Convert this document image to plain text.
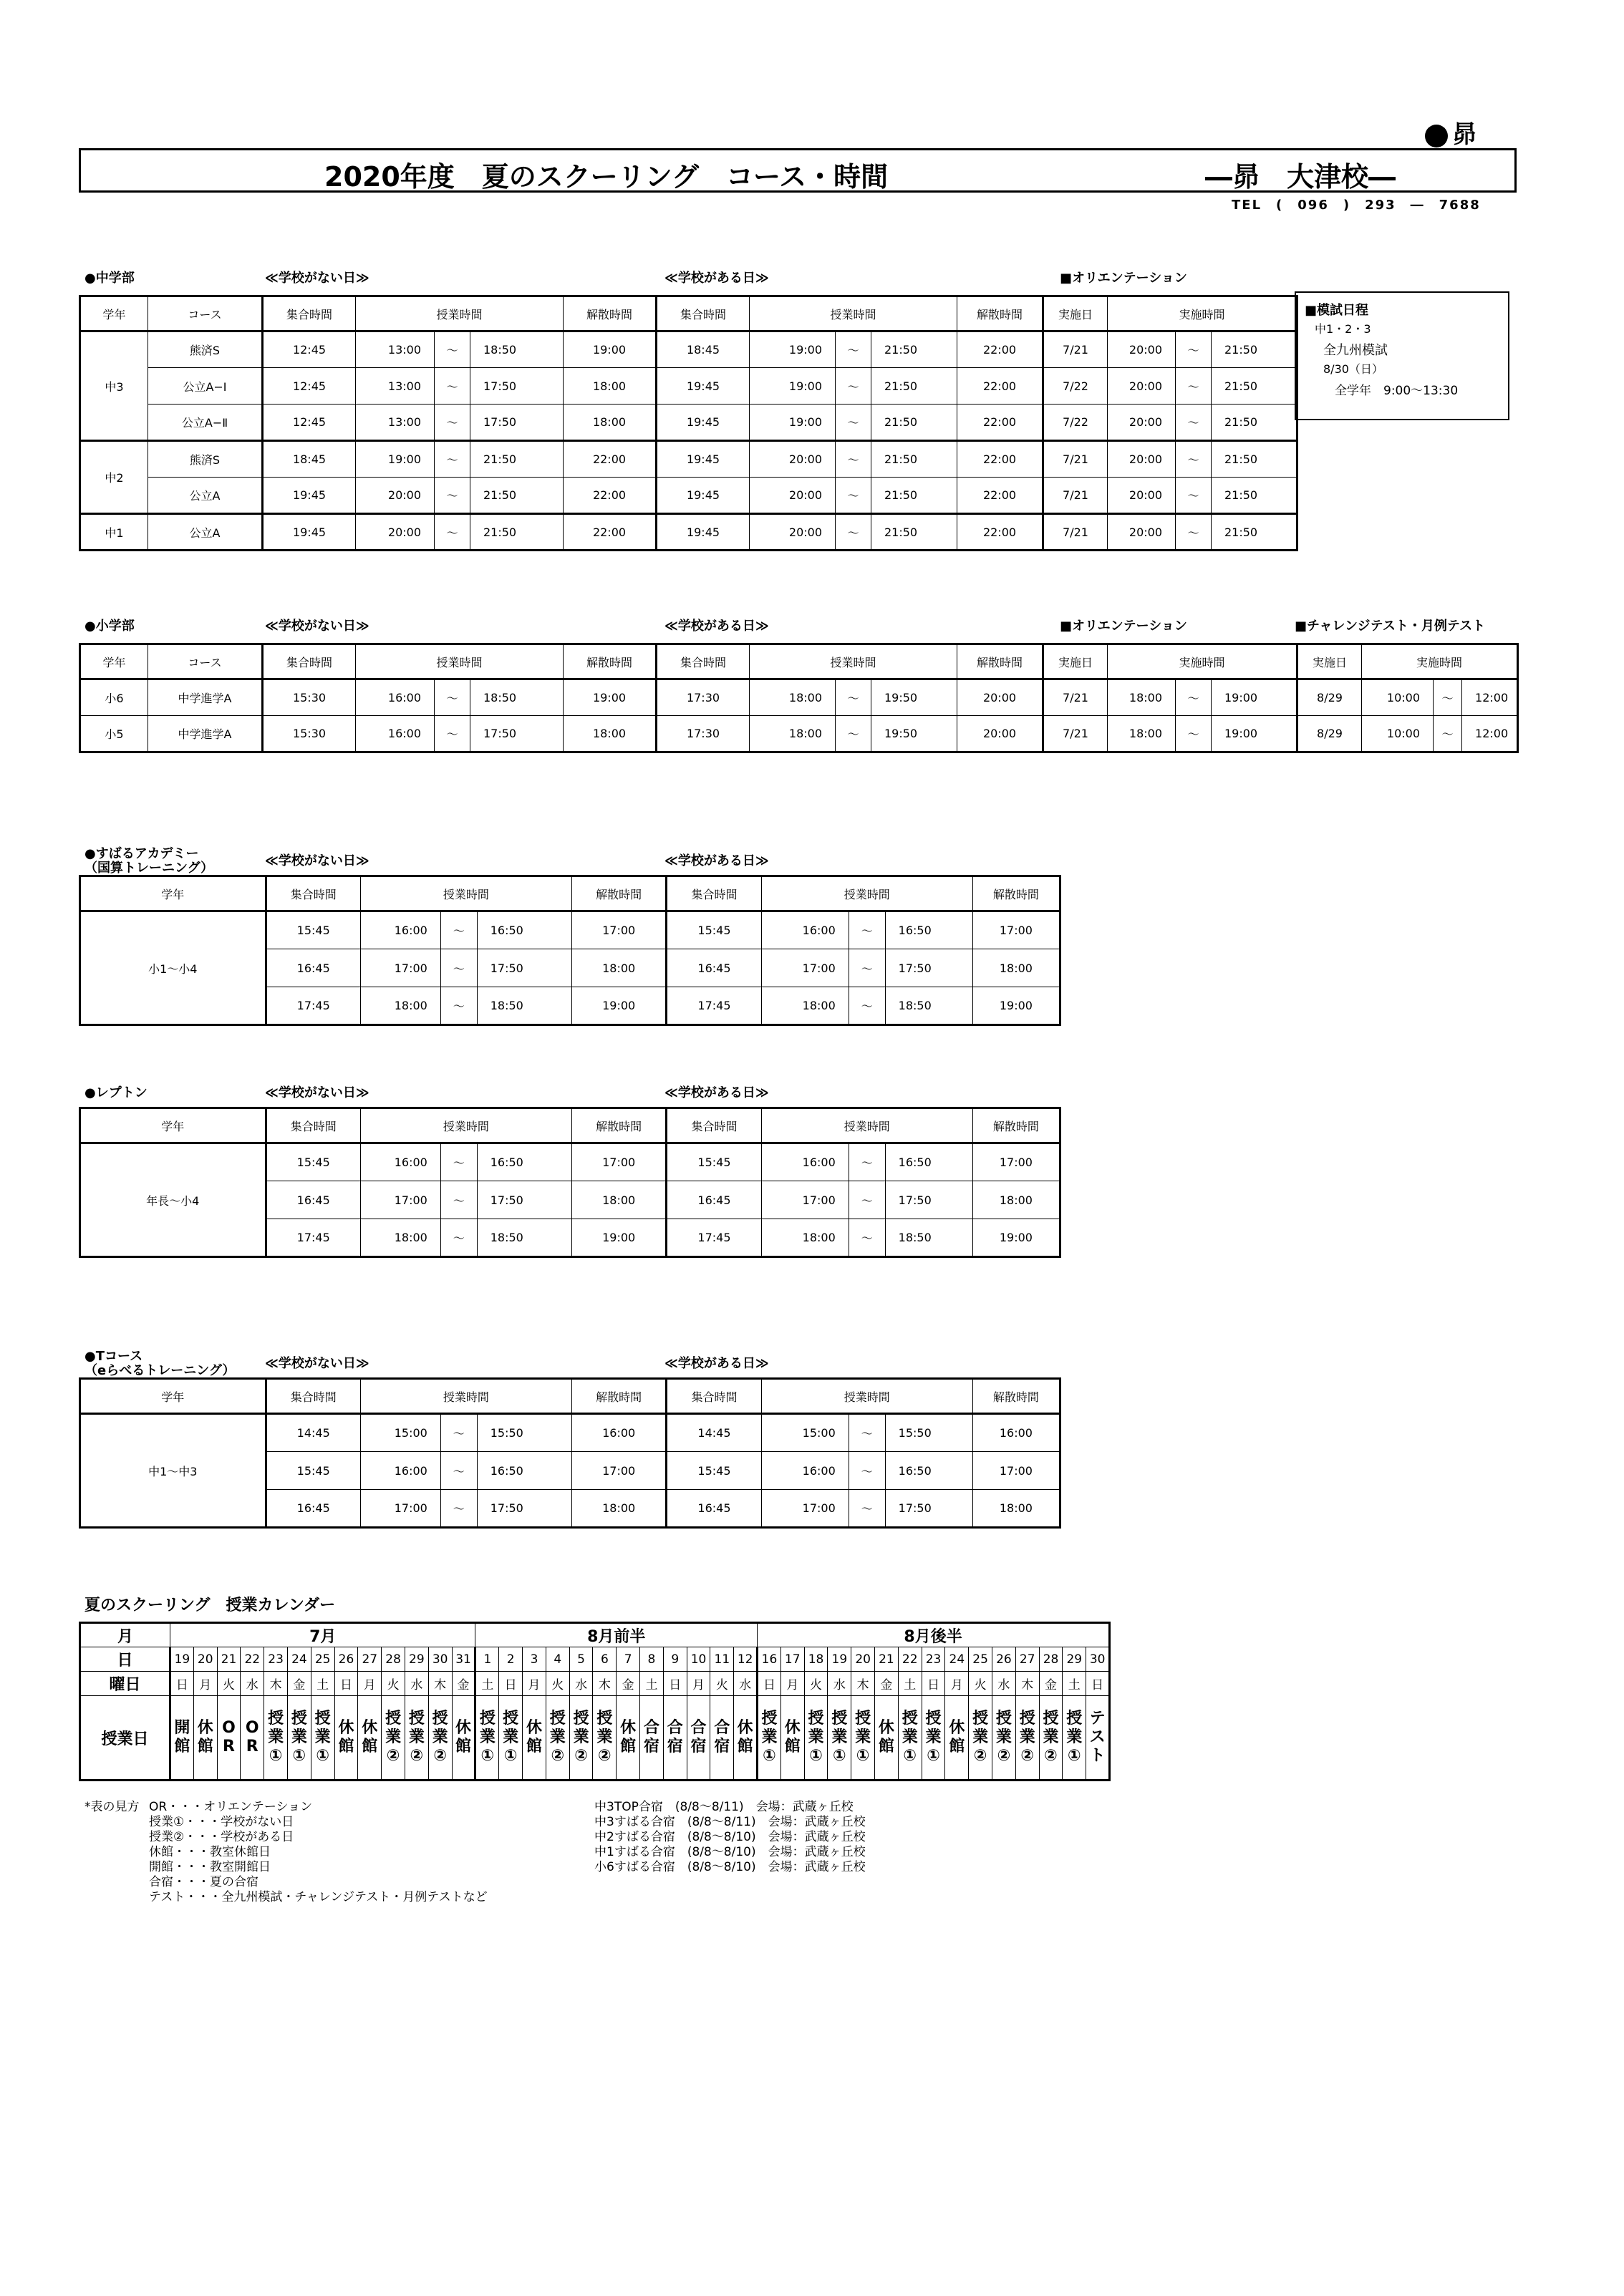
昴
2020年度　夏のスクーリング　コース・時間	―昴　大津校―
TEL　(　096　)　293　―　7688
●中学部	≪学校がない日≫	≪学校がある日≫	■オリエンテーション
学年	コース	集合時間	授業時間			解散時間	集合時間	授業時間			解散時間	実施日	実施時間		
中3	熊済S	12:45	13:00	～	18:50	19:00	18:45	19:00	～	21:50	22:00	7/21	20:00	～	21:50
	公立A−Ⅰ	12:45	13:00	～	17:50	18:00	19:45	19:00	～	21:50	22:00	7/22	20:00	～	21:50
	公立A−Ⅱ	12:45	13:00	～	17:50	18:00	19:45	19:00	～	21:50	22:00	7/22	20:00	～	21:50
中2	熊済S	18:45	19:00	～	21:50	22:00	19:45	20:00	～	21:50	22:00	7/21	20:00	～	21:50
	公立A	19:45	20:00	～	21:50	22:00	19:45	20:00	～	21:50	22:00	7/21	20:00	～	21:50
中1	公立A	19:45	20:00	～	21:50	22:00	19:45	20:00	～	21:50	22:00	7/21	20:00	～	21:50
■模試日程
中1・2・3
全九州模試
8/30（日）
全学年　9:00～13:30
●小学部	≪学校がない日≫	≪学校がある日≫	■オリエンテーション	■チャレンジテスト・月例テスト
学年	コース	集合時間	授業時間			解散時間	集合時間	授業時間			解散時間	実施日	実施時間			実施日	実施時間		
小6	中学進学A	15:30	16:00	～	18:50	19:00	17:30	18:00	～	19:50	20:00	7/21	18:00	～	19:00	8/29	10:00	～	12:00
小5	中学進学A	15:30	16:00	～	17:50	18:00	17:30	18:00	～	19:50	20:00	7/21	18:00	～	19:00	8/29	10:00	～	12:00
●すばるアカデミー
（国算トレーニング）	≪学校がない日≫	≪学校がある日≫
学年	集合時間	授業時間			解散時間	集合時間	授業時間			解散時間
小1～小4	15:45	16:00	～	16:50	17:00	15:45	16:00	～	16:50	17:00
	16:45	17:00	～	17:50	18:00	16:45	17:00	～	17:50	18:00
	17:45	18:00	～	18:50	19:00	17:45	18:00	～	18:50	19:00
●レプトン	≪学校がない日≫	≪学校がある日≫
学年	集合時間	授業時間			解散時間	集合時間	授業時間			解散時間
年長～小4	15:45	16:00	～	16:50	17:00	15:45	16:00	～	16:50	17:00
	16:45	17:00	～	17:50	18:00	16:45	17:00	～	17:50	18:00
	17:45	18:00	～	18:50	19:00	17:45	18:00	～	18:50	19:00
●Tコース
（eらべるトレーニング） ≪学校がない日≫	≪学校がある日≫
学年	集合時間	授業時間			解散時間	集合時間	授業時間			解散時間
中1～中3	14:45	15:00	～	15:50	16:00	14:45	15:00	～	15:50	16:00
	15:45	16:00	～	16:50	17:00	15:45	16:00	～	16:50	17:00
	16:45	17:00	～	17:50	18:00	16:45	17:00	～	17:50	18:00
夏のスクーリング　授業カレンダー
月	7月													8月前半												8月後半														
日	19	20	21	22	23	24	25	26	27	28	29	30	31	1	2	3	4	5	6	7	8	9	10	11	12	16	17	18	19	20	21	22	23	24	25	26	27	28	29	30
曜日	日	月	火	水	木	金	土	日	月	火	水	木	金	土	日	月	火	水	木	金	土	日	月	火	水	日	月	火	水	木	金	土	日	月	火	水	木	金	土	日
授業日	開館	休館	OR	OR	授業①	授業①	授業①	休館	休館	授業②	授業②	授業②	休館	授業①	授業①	休館	授業②	授業②	授業②	休館	合宿	合宿	合宿	合宿	休館	授業①	休館	授業①	授業①	授業①	休館	授業①	授業①	休館	授業②	授業②	授業②	授業②	授業①	テスト
*表の見方 OR・・・オリエンテーション
授業①・・・学校がない日
授業②・・・学校がある日
休館・・・教室休館日
開館・・・教室開館日
合宿・・・夏の合宿
テスト・・・全九州模試・チャレンジテスト・月例テストなど
中3TOP合宿　(8/8～8/11)　会場：武蔵ヶ丘校
中3すばる合宿　(8/8～8/11)　会場：武蔵ヶ丘校
中2すばる合宿　(8/8～8/10)　会場：武蔵ヶ丘校
中1すばる合宿　(8/8～8/10)　会場：武蔵ヶ丘校
小6すばる合宿　(8/8～8/10)　会場：武蔵ヶ丘校
